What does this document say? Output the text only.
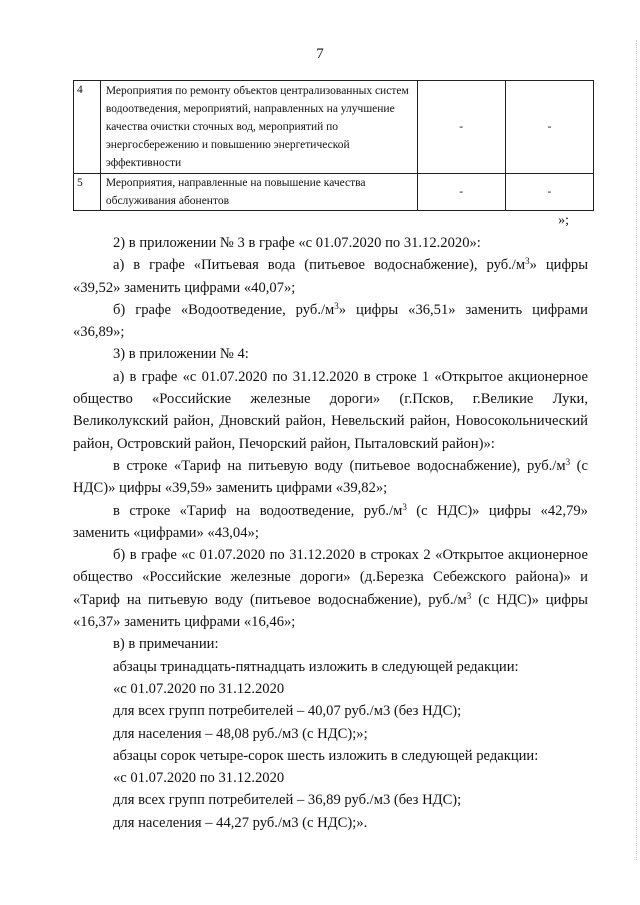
7
4	Мероприятия по ремонту объектов централизованных систем водоотведения, мероприятий, направленных на улучшение качества очистки сточных вод, мероприятий по энергосбережению и повышению энергетической эффективности	-	-
5	Мероприятия, направленные на повышение качества обслуживания абонентов	-	-
»;

2) в приложении № 3 в графе «с 01.07.2020 по 31.12.2020»:

а) в графе «Питьевая вода (питьевое водоснабжение), $руб./м^3$» цифры «39,52» заменить цифрами «40,07»;

б) графе «Водоотведение, $руб./м^3$» цифры «36,51» заменить цифрами «36,89»;

3) в приложении № 4:

а) в графе «с 01.07.2020 по 31.12.2020 в строке 1 «Открытое акционерное общество «Российские железные дороги» (г.Псков, г.Великие Луки, Великолукский район, Дновский район, Невельский район, Новосокольнический район, Островский район, Печорский район, Пыталовский район)»:

в строке «Тариф на питьевую воду (питьевое водоснабжение), $руб./м^3$ (с НДС)» цифры «39,59» заменить цифрами «39,82»;

в строке «Тариф на водоотведение, $руб./м^3$ (с НДС)» цифры «42,79» заменить «цифрами» «43,04»;

б) в графе «с 01.07.2020 по 31.12.2020 в строках 2 «Открытое акционерное общество «Российские железные дороги» (д.Березка Себежского района)» и «Тариф на питьевую воду (питьевое водоснабжение), $руб./м^3$ (с НДС)» цифры «16,37» заменить цифрами «16,46»;

в) в примечании:

абзацы тринадцать-пятнадцать изложить в следующей редакции:

«с 01.07.2020 по 31.12.2020

для всех групп потребителей – 40,07 руб./м3 (без НДС);

для населения – 48,08 руб./м3 (с НДС);»;

абзацы сорок четыре-сорок шесть изложить в следующей редакции:

«с 01.07.2020 по 31.12.2020

для всех групп потребителей – 36,89 руб./м3 (без НДС);

для населения – 44,27 руб./м3 (с НДС);».
